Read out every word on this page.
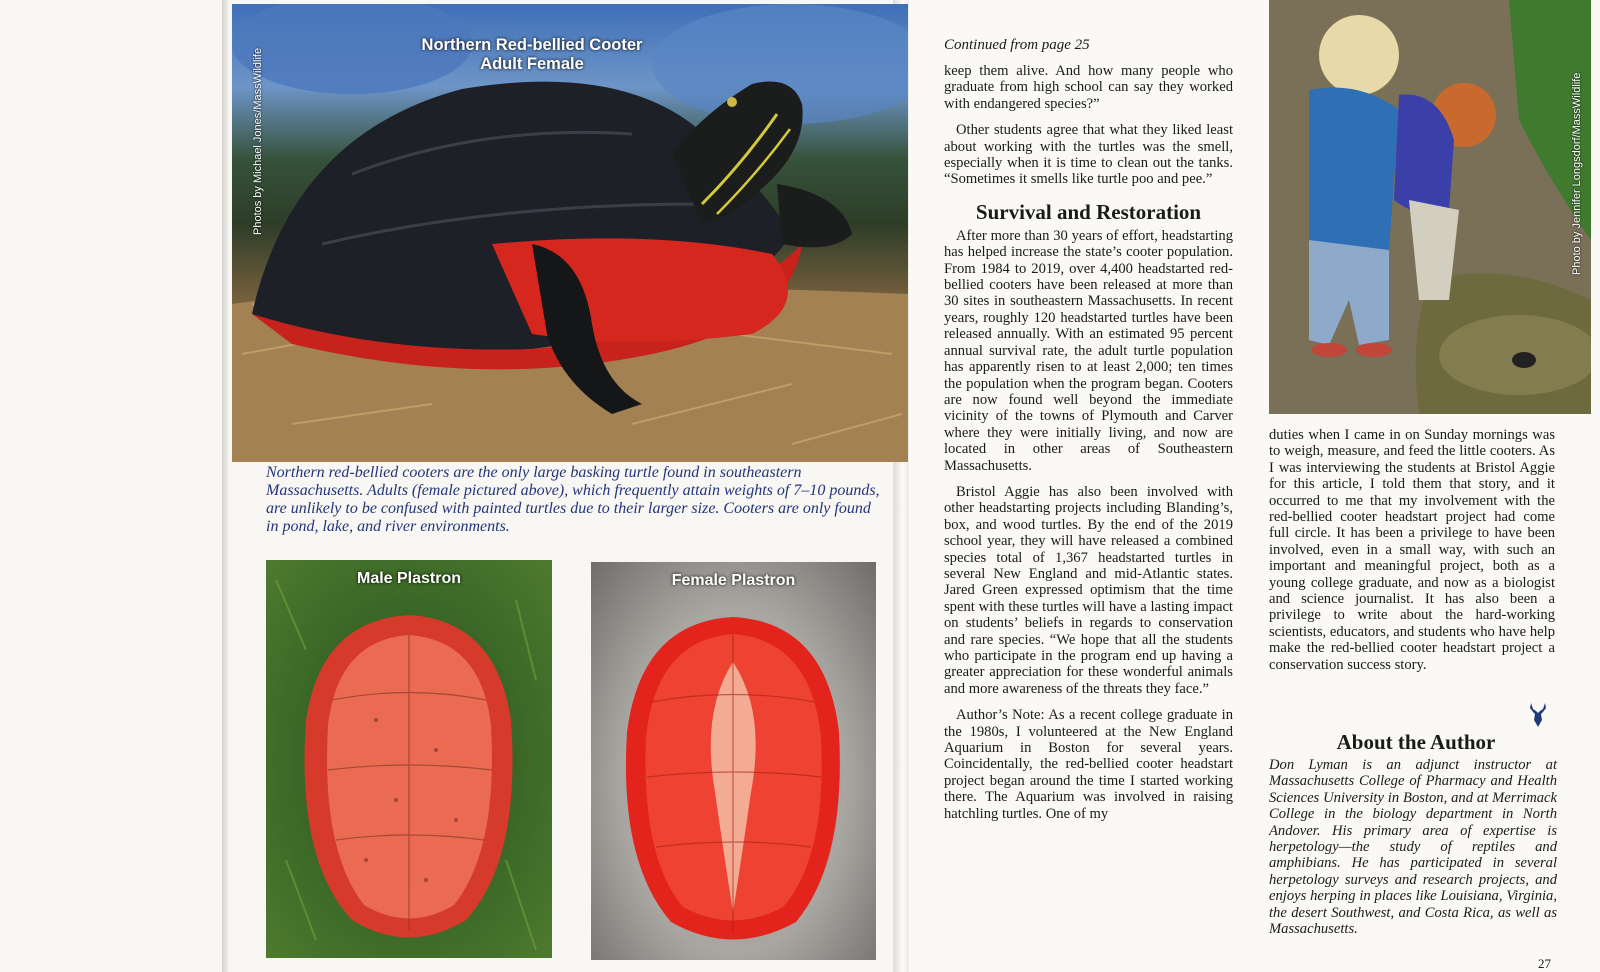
Northern Red-bellied Cooter
Adult Female
Photos by Michael Jones/MassWildlife
Northern red-bellied cooters are the only large basking turtle found in southeastern Massachusetts. Adults (female pictured above), which frequently attain weights of 7–10 pounds, are unlikely to be confused with painted turtles due to their larger size. Cooters are only found in pond, lake, and river environments.
Male Plastron	Female Plastron
Continued from page 25

keep them alive. And how many people who graduate from high school can say they worked with endangered species?”

Other students agree that what they liked least about working with the turtles was the smell, especially when it is time to clean out the tanks. “Sometimes it smells like turtle poo and pee.”

Survival and Restoration

After more than 30 years of effort, headstarting has helped increase the state’s cooter population. From 1984 to 2019, over 4,400 headstarted red-bellied cooters have been released at more than 30 sites in southeastern Massachusetts. In recent years, roughly 120 headstarted turtles have been released annually. With an estimated 95 percent annual survival rate, the adult turtle population has apparently risen to at least 2,000; ten times the population when the program began. Cooters are now found well beyond the immediate vicinity of the towns of Plymouth and Carver where they were initially living, and now are located in other areas of Southeastern Massachusetts.

Bristol Aggie has also been involved with other headstarting projects including Blanding’s, box, and wood turtles. By the end of the 2019 school year, they will have released a combined species total of 1,367 headstarted turtles in several New England and mid-Atlantic states. Jared Green expressed optimism that the time spent with these turtles will have a lasting impact on students’ beliefs in regards to conservation and rare species. “We hope that all the students who participate in the program end up having a greater appreciation for these wonderful animals and more awareness of the threats they face.”

Author’s Note: As a recent college graduate in the 1980s, I volunteered at the New England Aquarium in Boston for several years. Coincidentally, the red-bellied cooter headstart project began around the time I started working there. The Aquarium was involved in raising hatchling turtles. One of my

Photo by Jennifer Longsdorf/MassWildlife

duties when I came in on Sunday mornings was to weigh, measure, and feed the little cooters. As I was interviewing the students at Bristol Aggie for this article, I told them that story, and it occurred to me that my involvement with the red-bellied cooter headstart project had come full circle. It has been a privilege to have been involved, even in a small way, with such an important and meaningful project, both as a young college graduate, and now as a biologist and science journalist. It has also been a privilege to write about the hard-working scientists, educators, and students who have help make the red-bellied cooter headstart project a conservation success story.

About the Author
Don Lyman is an adjunct instructor at Massachusetts College of Pharmacy and Health Sciences University in Boston, and at Merrimack College in the biology department in North Andover. His primary area of expertise is herpetology—the study of reptiles and amphibians. He has participated in several herpetology surveys and research projects, and enjoys herping in places like Louisiana, Virginia, the desert Southwest, and Costa Rica, as well as Massachusetts.
27
